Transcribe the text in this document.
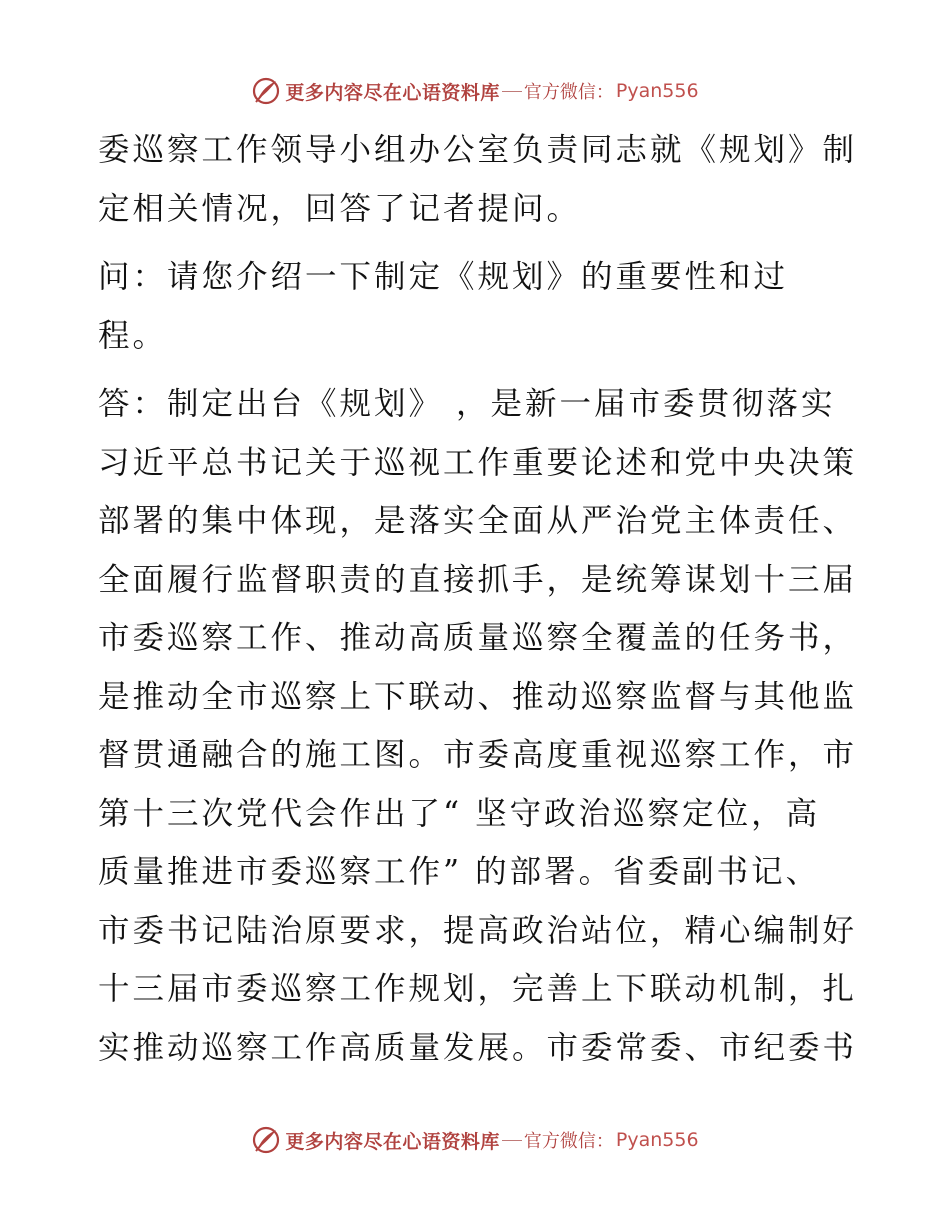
更多内容尽在心语资料库 官方微信： Pyan556

委巡察工作领导小组办公室负责同志就《规划》制
定相关情况，回答了记者提问。

问：请您介绍一下制定《规划》的重要性和过
程。

答：制定出台《规划》 ，是新一届市委贯彻落实
习近平总书记关于巡视工作重要论述和党中央决策
部署的集中体现，是落实全面从严治党主体责任、
全面履行监督职责的直接抓手，是统筹谋划十三届
市委巡察工作、推动高质量巡察全覆盖的任务书，
是推动全市巡察上下联动、推动巡察监督与其他监
督贯通融合的施工图。市委高度重视巡察工作，市
第十三次党代会作出了“ 坚守政治巡察定位，高
质量推进市委巡察工作” 的部署。省委副书记、
市委书记陆治原要求，提高政治站位，精心编制好
十三届市委巡察工作规划，完善上下联动机制，扎
实推动巡察工作高质量发展。市委常委、市纪委书

更多内容尽在心语资料库 官方微信： Pyan556
